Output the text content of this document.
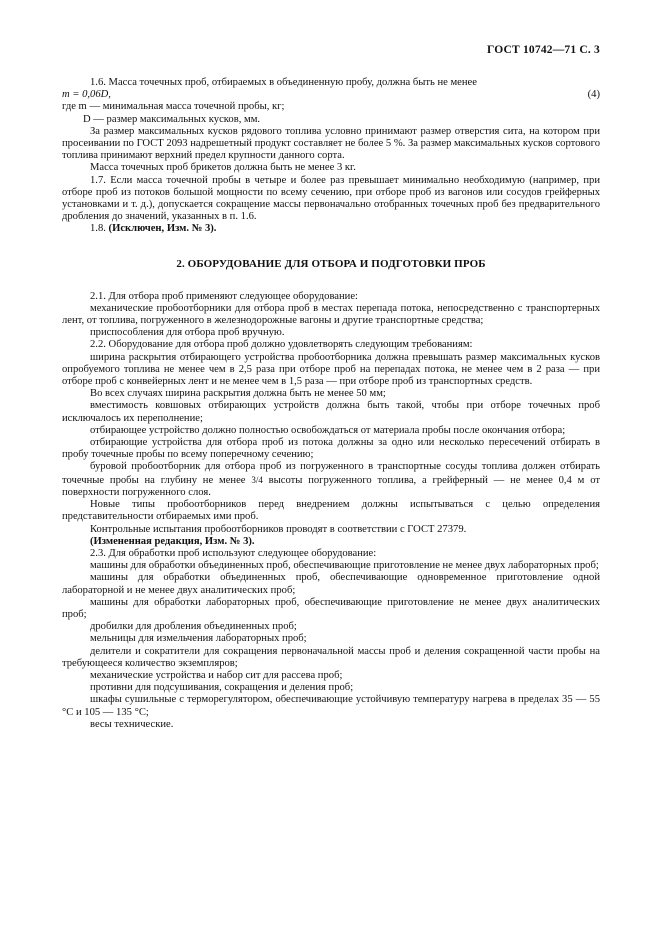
ГОСТ 10742—71 С. 3

1.6. Масса точечных проб, отбираемых в объединенную пробу, должна быть не менее

m = 0,06D,	(4)

где m — минимальная масса точечной пробы, кг;

D — размер максимальных кусков, мм.

За размер максимальных кусков рядового топлива условно принимают размер отверстия сита, на котором при просеивании по ГОСТ 2093 надрешетный продукт составляет не более 5 %. За размер максимальных кусков сортового топлива принимают верхний предел крупности данного сорта.

Масса точечных проб брикетов должна быть не менее 3 кг.

1.7. Если масса точечной пробы в четыре и более раз превышает минимально необходимую (например, при отборе проб из потоков большой мощности по всему сечению, при отборе проб из вагонов или сосудов грейферных установками и т. д.), допускается сокращение массы первоначально отобранных точечных проб без предварительного дробления до значений, указанных в п. 1.6.

1.8. (Исключен, Изм. № 3).

2. ОБОРУДОВАНИЕ ДЛЯ ОТБОРА И ПОДГОТОВКИ ПРОБ

2.1. Для отбора проб применяют следующее оборудование:

механические пробоотборники для отбора проб в местах перепада потока, непосредственно с транспортерных лент, от топлива, погруженного в железнодорожные вагоны и другие транспортные средства;

приспособления для отбора проб вручную.

2.2. Оборудование для отбора проб должно удовлетворять следующим требованиям:

ширина раскрытия отбирающего устройства пробоотборника должна превышать размер максимальных кусков опробуемого топлива не менее чем в 2,5 раза при отборе проб на перепадах потока, не менее чем в 2 раза — при отборе проб с конвейерных лент и не менее чем в 1,5 раза — при отборе проб из транспортных средств.

Во всех случаях ширина раскрытия должна быть не менее 50 мм;

вместимость ковшовых отбирающих устройств должна быть такой, чтобы при отборе точечных проб исключалось их переполнение;

отбирающее устройство должно полностью освобождаться от материала пробы после окончания отбора;

отбирающие устройства для отбора проб из потока должны за одно или несколько пересечений отбирать в пробу точечные пробы по всему поперечному сечению;

буровой пробоотборник для отбора проб из погруженного в транспортные сосуды топлива должен отбирать точечные пробы на глубину не менее 3/4 высоты погруженного топлива, а грейферный — не менее 0,4 м от поверхности погруженного слоя.

Новые типы пробоотборников перед внедрением должны испытываться с целью определения представительности отбираемых ими проб.

Контрольные испытания пробоотборников проводят в соответствии с ГОСТ 27379.

(Измененная редакция, Изм. № 3).

2.3. Для обработки проб используют следующее оборудование:

машины для обработки объединенных проб, обеспечивающие приготовление не менее двух лабораторных проб;

машины для обработки объединенных проб, обеспечивающие одновременное приготовление одной лабораторной и не менее двух аналитических проб;

машины для обработки лабораторных проб, обеспечивающие приготовление не менее двух аналитических проб;

дробилки для дробления объединенных проб;

мельницы для измельчения лабораторных проб;

делители и сократители для сокращения первоначальной массы проб и деления сокращенной части пробы на требующееся количество экземпляров;

механические устройства и набор сит для рассева проб;

противни для подсушивания, сокращения и деления проб;

шкафы сушильные с терморегулятором, обеспечивающие устойчивую температуру нагрева в пределах 35 — 55 °С и 105 — 135 °С;

весы технические.
